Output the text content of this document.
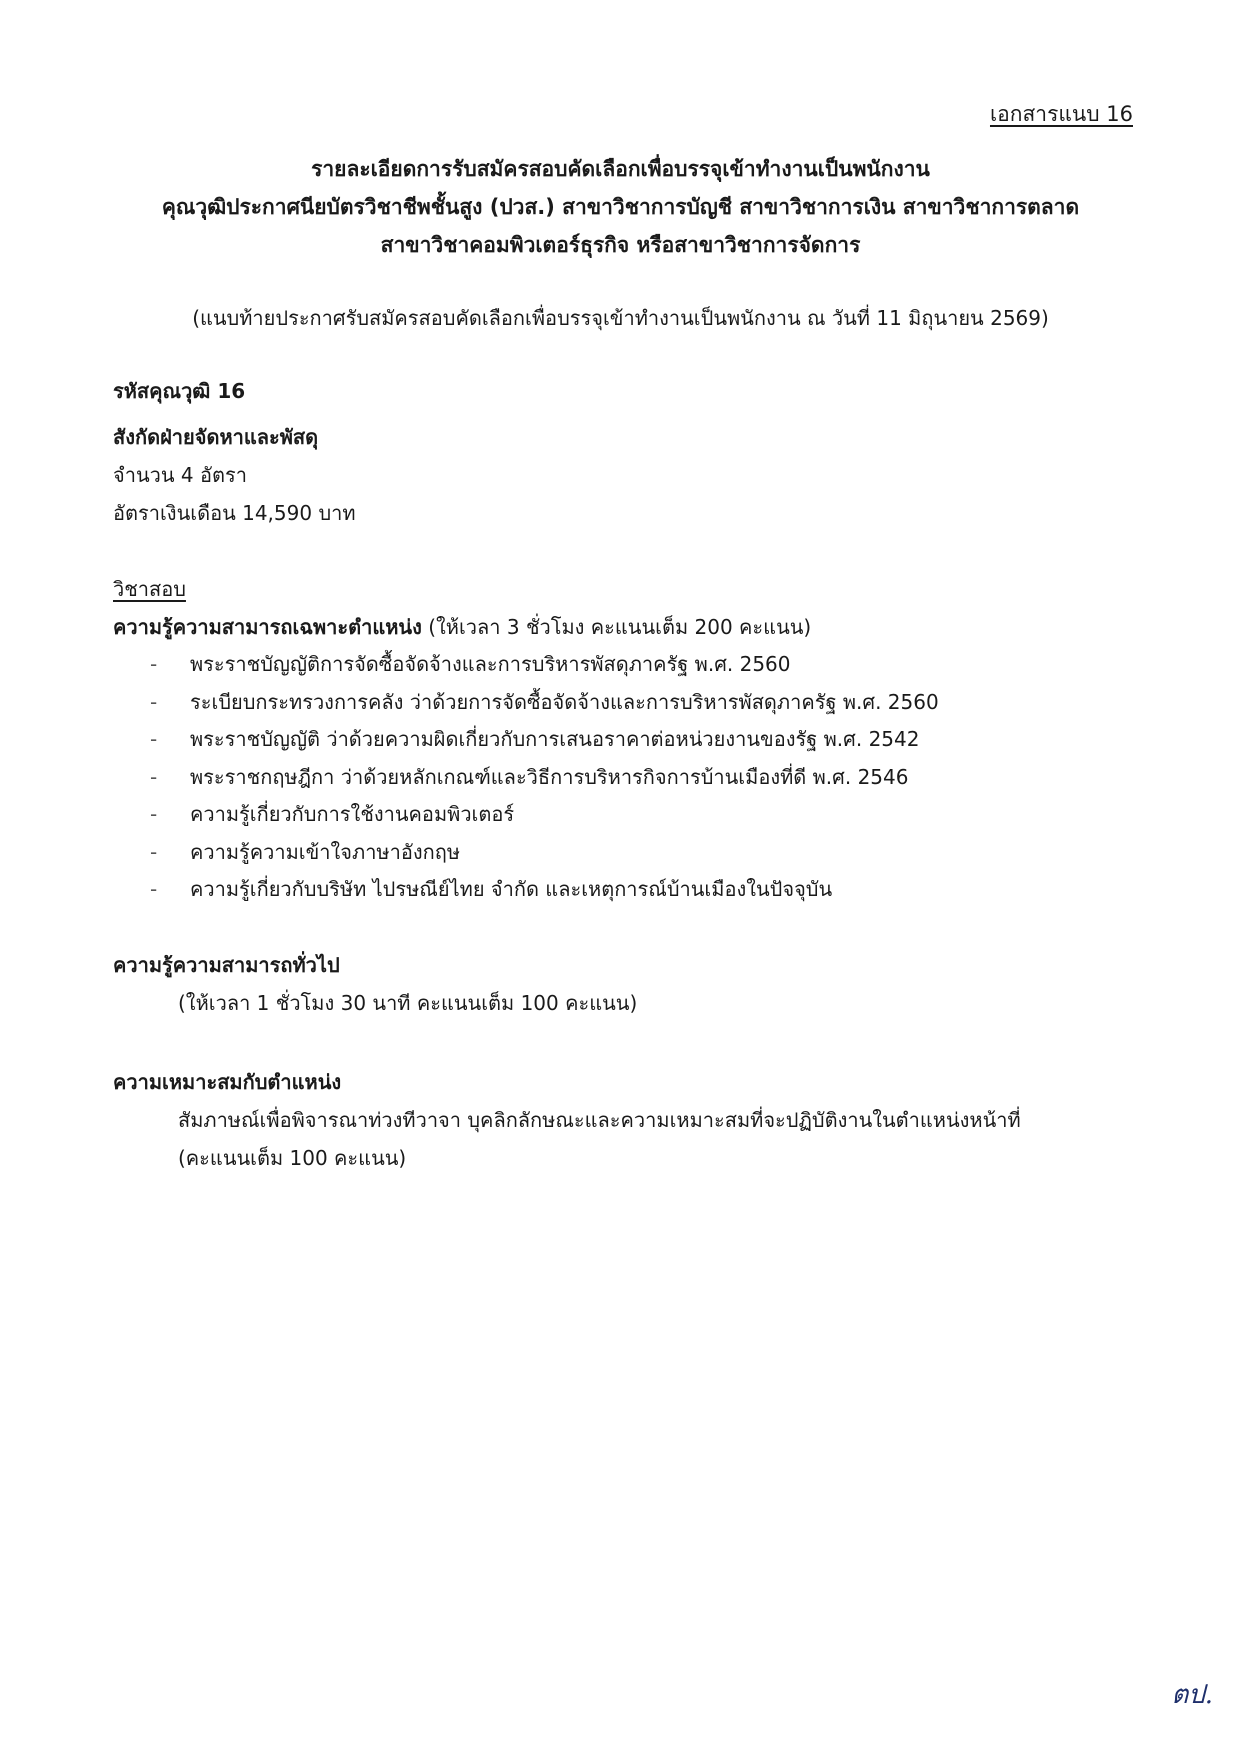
เอกสารแนบ 16
รายละเอียดการรับสมัครสอบคัดเลือกเพื่อบรรจุเข้าทำงานเป็นพนักงาน
คุณวุฒิประกาศนียบัตรวิชาชีพชั้นสูง (ปวส.) สาขาวิชาการบัญชี สาขาวิชาการเงิน สาขาวิชาการตลาด
สาขาวิชาคอมพิวเตอร์ธุรกิจ หรือสาขาวิชาการจัดการ
(แนบท้ายประกาศรับสมัครสอบคัดเลือกเพื่อบรรจุเข้าทำงานเป็นพนักงาน ณ วันที่ 11 มิถุนายน 2569)
รหัสคุณวุฒิ 16
สังกัดฝ่ายจัดหาและพัสดุ
จำนวน 4 อัตรา
อัตราเงินเดือน 14,590 บาท
วิชาสอบ
ความรู้ความสามารถเฉพาะตำแหน่ง (ให้เวลา 3 ชั่วโมง คะแนนเต็ม 200 คะแนน)
- พระราชบัญญัติการจัดซื้อจัดจ้างและการบริหารพัสดุภาครัฐ พ.ศ. 2560
- ระเบียบกระทรวงการคลัง ว่าด้วยการจัดซื้อจัดจ้างและการบริหารพัสดุภาครัฐ พ.ศ. 2560
- พระราชบัญญัติ ว่าด้วยความผิดเกี่ยวกับการเสนอราคาต่อหน่วยงานของรัฐ พ.ศ. 2542
- พระราชกฤษฎีกา ว่าด้วยหลักเกณฑ์และวิธีการบริหารกิจการบ้านเมืองที่ดี พ.ศ. 2546
- ความรู้เกี่ยวกับการใช้งานคอมพิวเตอร์
- ความรู้ความเข้าใจภาษาอังกฤษ
- ความรู้เกี่ยวกับบริษัท ไปรษณีย์ไทย จำกัด และเหตุการณ์บ้านเมืองในปัจจุบัน
ความรู้ความสามารถทั่วไป
(ให้เวลา 1 ชั่วโมง 30 นาที คะแนนเต็ม 100 คะแนน)
ความเหมาะสมกับตำแหน่ง
สัมภาษณ์เพื่อพิจารณาท่วงทีวาจา บุคลิกลักษณะและความเหมาะสมที่จะปฏิบัติงานในตำแหน่งหน้าที่
(คะแนนเต็ม 100 คะแนน)
ตป.
